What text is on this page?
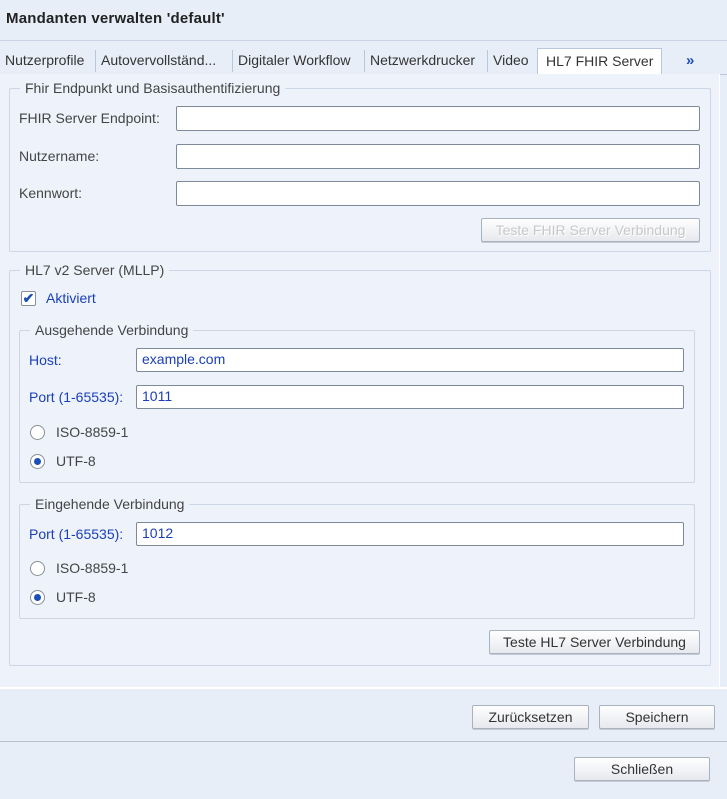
Mandanten verwalten 'default'
Nutzerprofile Autovervollständ... Digitaler Workflow Netzwerkdrucker Video	HL7 FHIR Server	»
Fhir Endpunkt und Basisauthentifizierung
FHIR Server Endpoint:
Nutzername:
Kennwort:
Teste FHIR Server Verbindung
HL7 v2 Server (MLLP)
✔ Aktiviert
Ausgehende Verbindung
Host:	example.com
Port (1-65535):	1011
ISO-8859-1
UTF-8
Eingehende Verbindung
Port (1-65535):	1012
ISO-8859-1
UTF-8
Teste HL7 Server Verbindung
Zurücksetzen	Speichern
Schließen
